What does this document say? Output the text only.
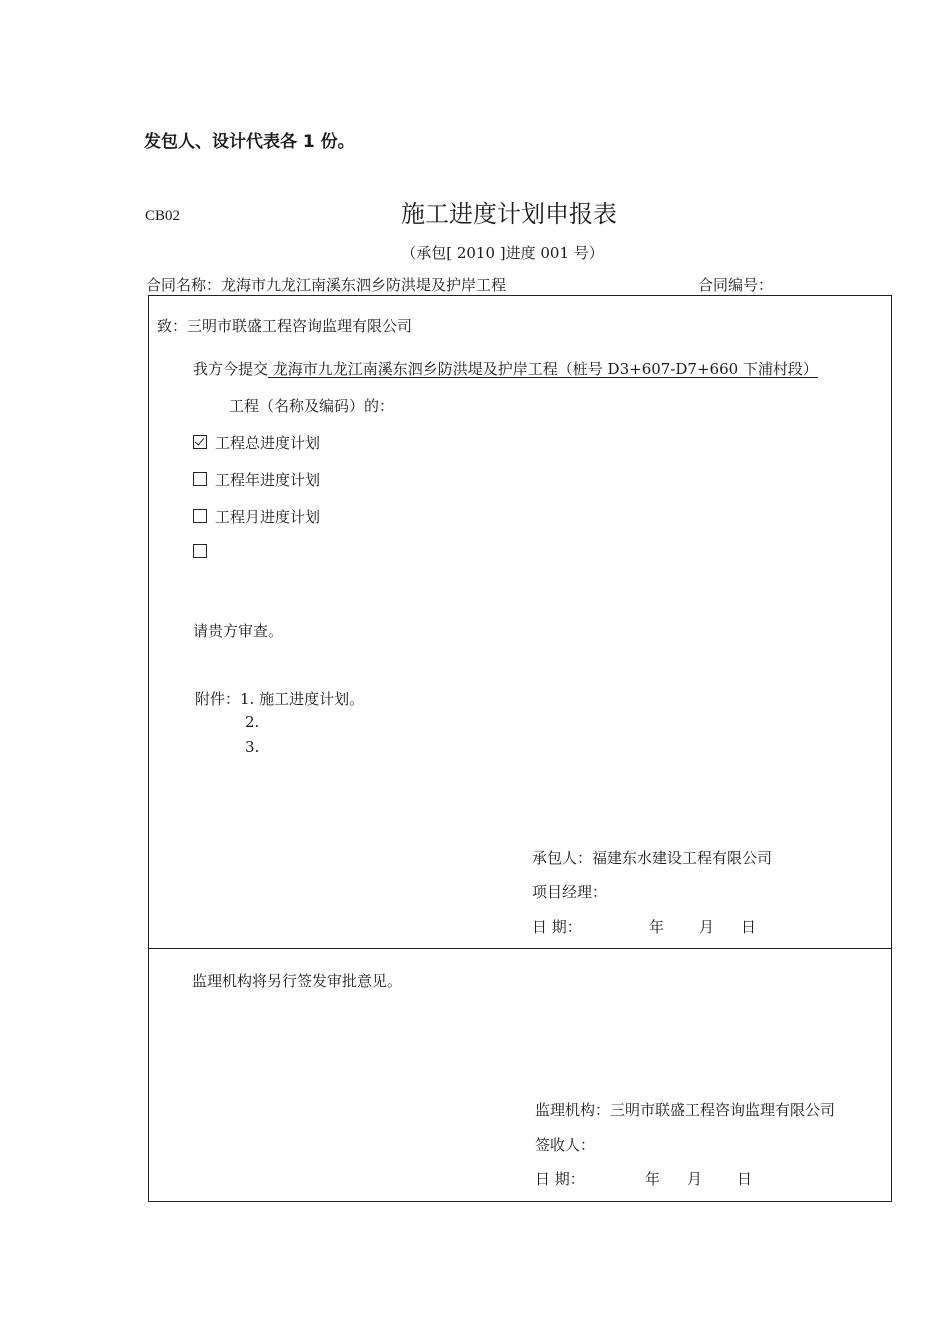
发包人、设计代表各 1 份。
CB02	施工进度计划申报表
（承包[ 2010 ]进度 001 号）
合同名称：龙海市九龙江南溪东泗乡防洪堤及护岸工程	合同编号：
致：三明市联盛工程咨询监理有限公司
我方今提交 龙海市九龙江南溪东泗乡防洪堤及护岸工程（桩号 D3+607-D7+660 下浦村段）
工程（名称及编码）的：
工程总进度计划
工程年进度计划
工程月进度计划
请贵方审查。
附件：1. 施工进度计划。
2.
3.
承包人：福建东水建设工程有限公司
项目经理：
日 期：	年 月 日
监理机构将另行签发审批意见。
监理机构：三明市联盛工程咨询监理有限公司
签收人：
日 期：	年 月 日
